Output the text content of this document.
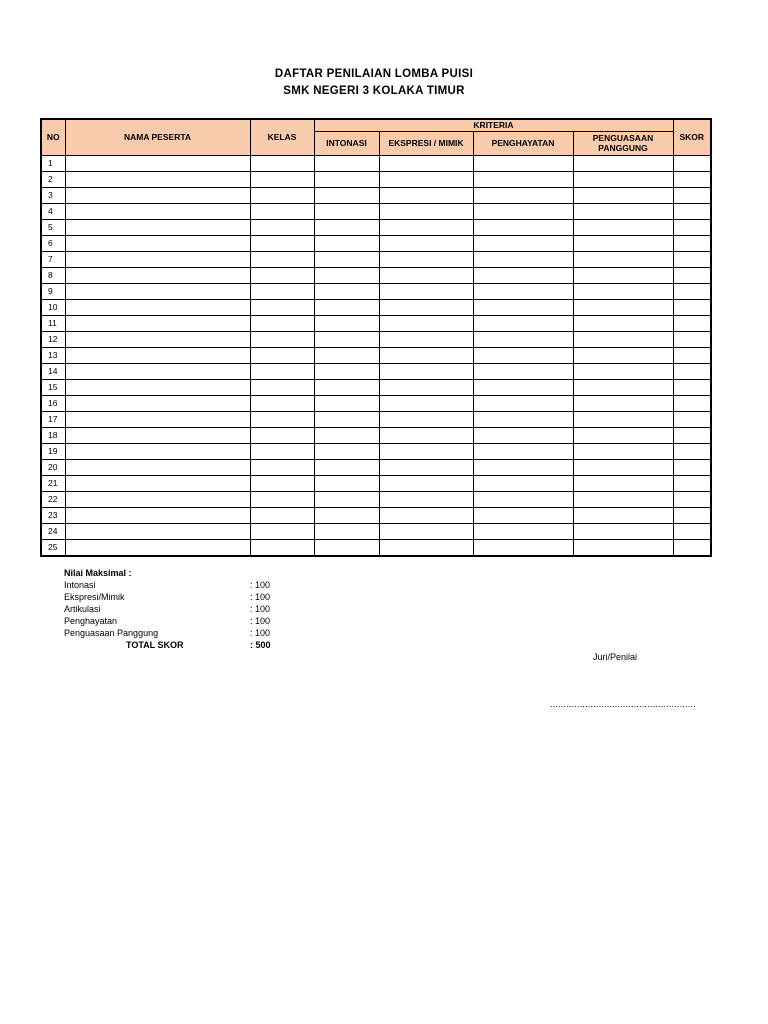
DAFTAR PENILAIAN LOMBA PUISI
SMK NEGERI 3 KOLAKA TIMUR
NO	NAMA PESERTA	KELAS	KRITERIA				SKOR
			INTONASI	EKSPRESI / MIMIK	PENGHAYATAN	PENGUASAAN PANGGUNG	
1							
2							
3							
4							
5							
6							
7							
8							
9							
10							
11							
12							
13							
14							
15							
16							
17							
18							
19							
20							
21							
22							
23							
24							
25							
Nilai Maksimal :
Intonasi	: 100
Ekspresi/Mimik	: 100
Artikulasi	: 100
Penghayatan	: 100
Penguasaan Panggung	: 100
TOTAL SKOR	: 500
Juri/Penilai
......................................................
